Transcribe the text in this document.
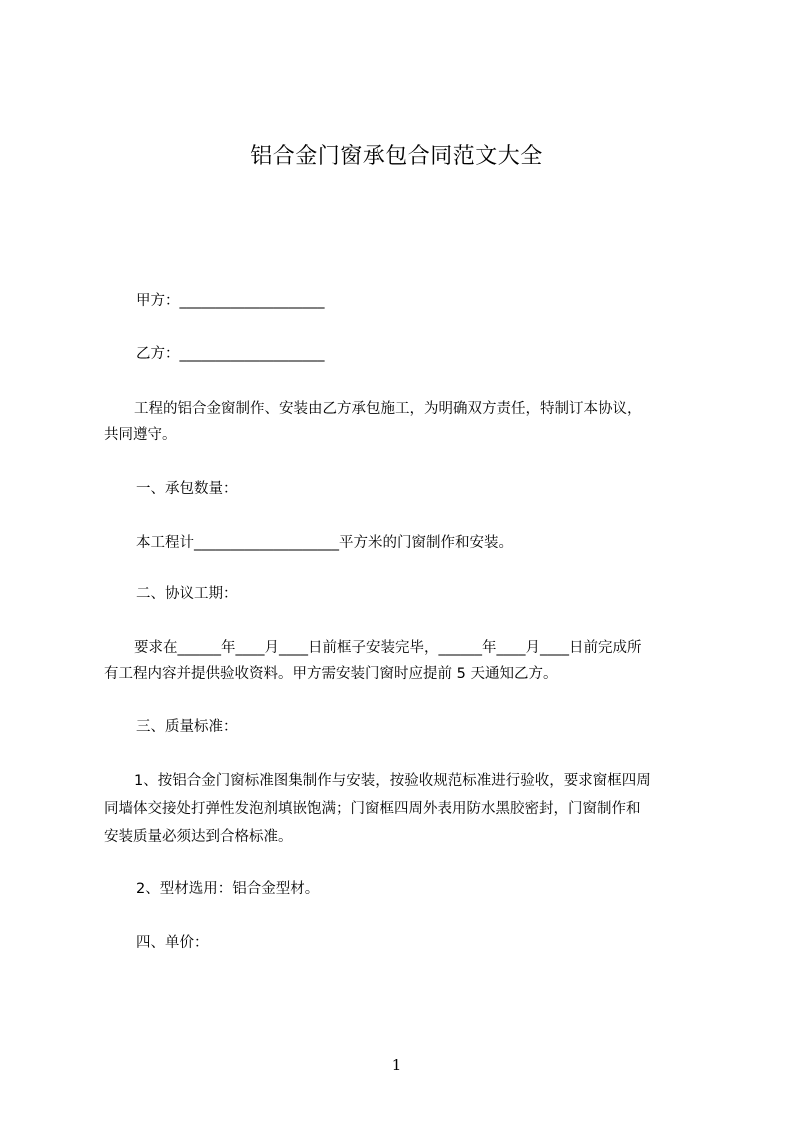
铝合金门窗承包合同范文大全
甲方：____________________
乙方：____________________
工程的铝合金窗制作、安装由乙方承包施工，为明确双方责任，特制订本协议，
共同遵守。
一、承包数量：
本工程计____________________平方米的门窗制作和安装。
二、协议工期：
要求在______年____月____日前框子安装完毕，______年____月____日前完成所
有工程内容并提供验收资料。甲方需安装门窗时应提前 5 天通知乙方。
三、质量标准：
1、按铝合金门窗标准图集制作与安装，按验收规范标准进行验收，要求窗框四周
同墙体交接处打弹性发泡剂填嵌饱满；门窗框四周外表用防水黑胶密封，门窗制作和
安装质量必须达到合格标准。
2、型材选用：铝合金型材。
四、单价：
1
